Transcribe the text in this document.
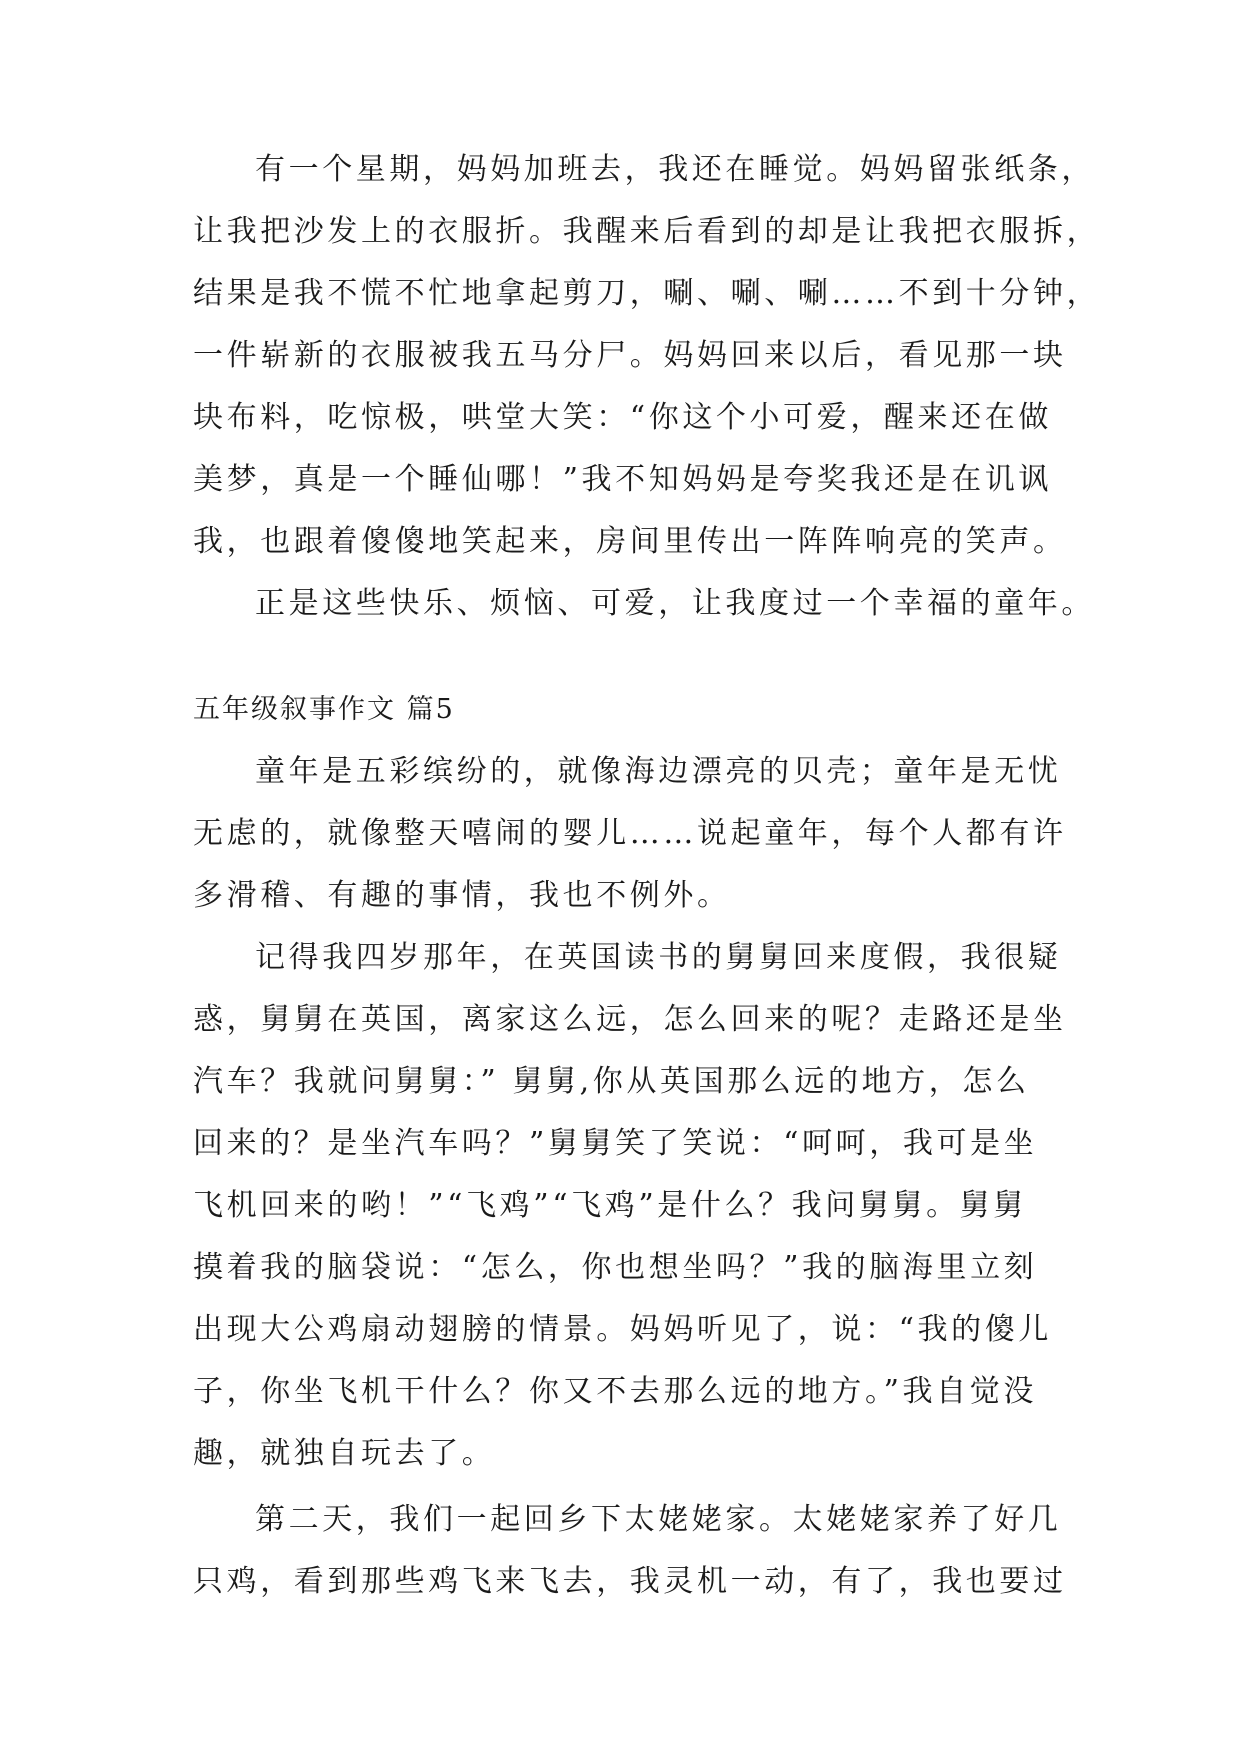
有一个星期，妈妈加班去，我还在睡觉。妈妈留张纸条，
让我把沙发上的衣服折。我醒来后看到的却是让我把衣服拆，
结果是我不慌不忙地拿起剪刀，唰、唰、唰……不到十分钟，
一件崭新的衣服被我五马分尸。妈妈回来以后，看见那一块
块布料，吃惊极，哄堂大笑：“你这个小可爱，醒来还在做
美梦，真是一个睡仙哪！”我不知妈妈是夸奖我还是在讥讽
我，也跟着傻傻地笑起来，房间里传出一阵阵响亮的笑声。
正是这些快乐、烦恼、可爱，让我度过一个幸福的童年。
五年级叙事作文 篇5
童年是五彩缤纷的，就像海边漂亮的贝壳；童年是无忧
无虑的，就像整天嘻闹的婴儿……说起童年，每个人都有许
多滑稽、有趣的事情，我也不例外。
记得我四岁那年，在英国读书的舅舅回来度假，我很疑
惑，舅舅在英国，离家这么远，怎么回来的呢？走路还是坐
汽车？我就问舅舅：” 舅舅,你从英国那么远的地方，怎么
回来的？是坐汽车吗？”舅舅笑了笑说：“呵呵，我可是坐
飞机回来的哟！”“飞鸡”“飞鸡”是什么？我问舅舅。舅舅
摸着我的脑袋说：“怎么，你也想坐吗？”我的脑海里立刻
出现大公鸡扇动翅膀的情景。妈妈听见了，说：“我的傻儿
子，你坐飞机干什么？你又不去那么远的地方。”我自觉没
趣，就独自玩去了。
第二天，我们一起回乡下太姥姥家。太姥姥家养了好几
只鸡，看到那些鸡飞来飞去，我灵机一动，有了，我也要过
